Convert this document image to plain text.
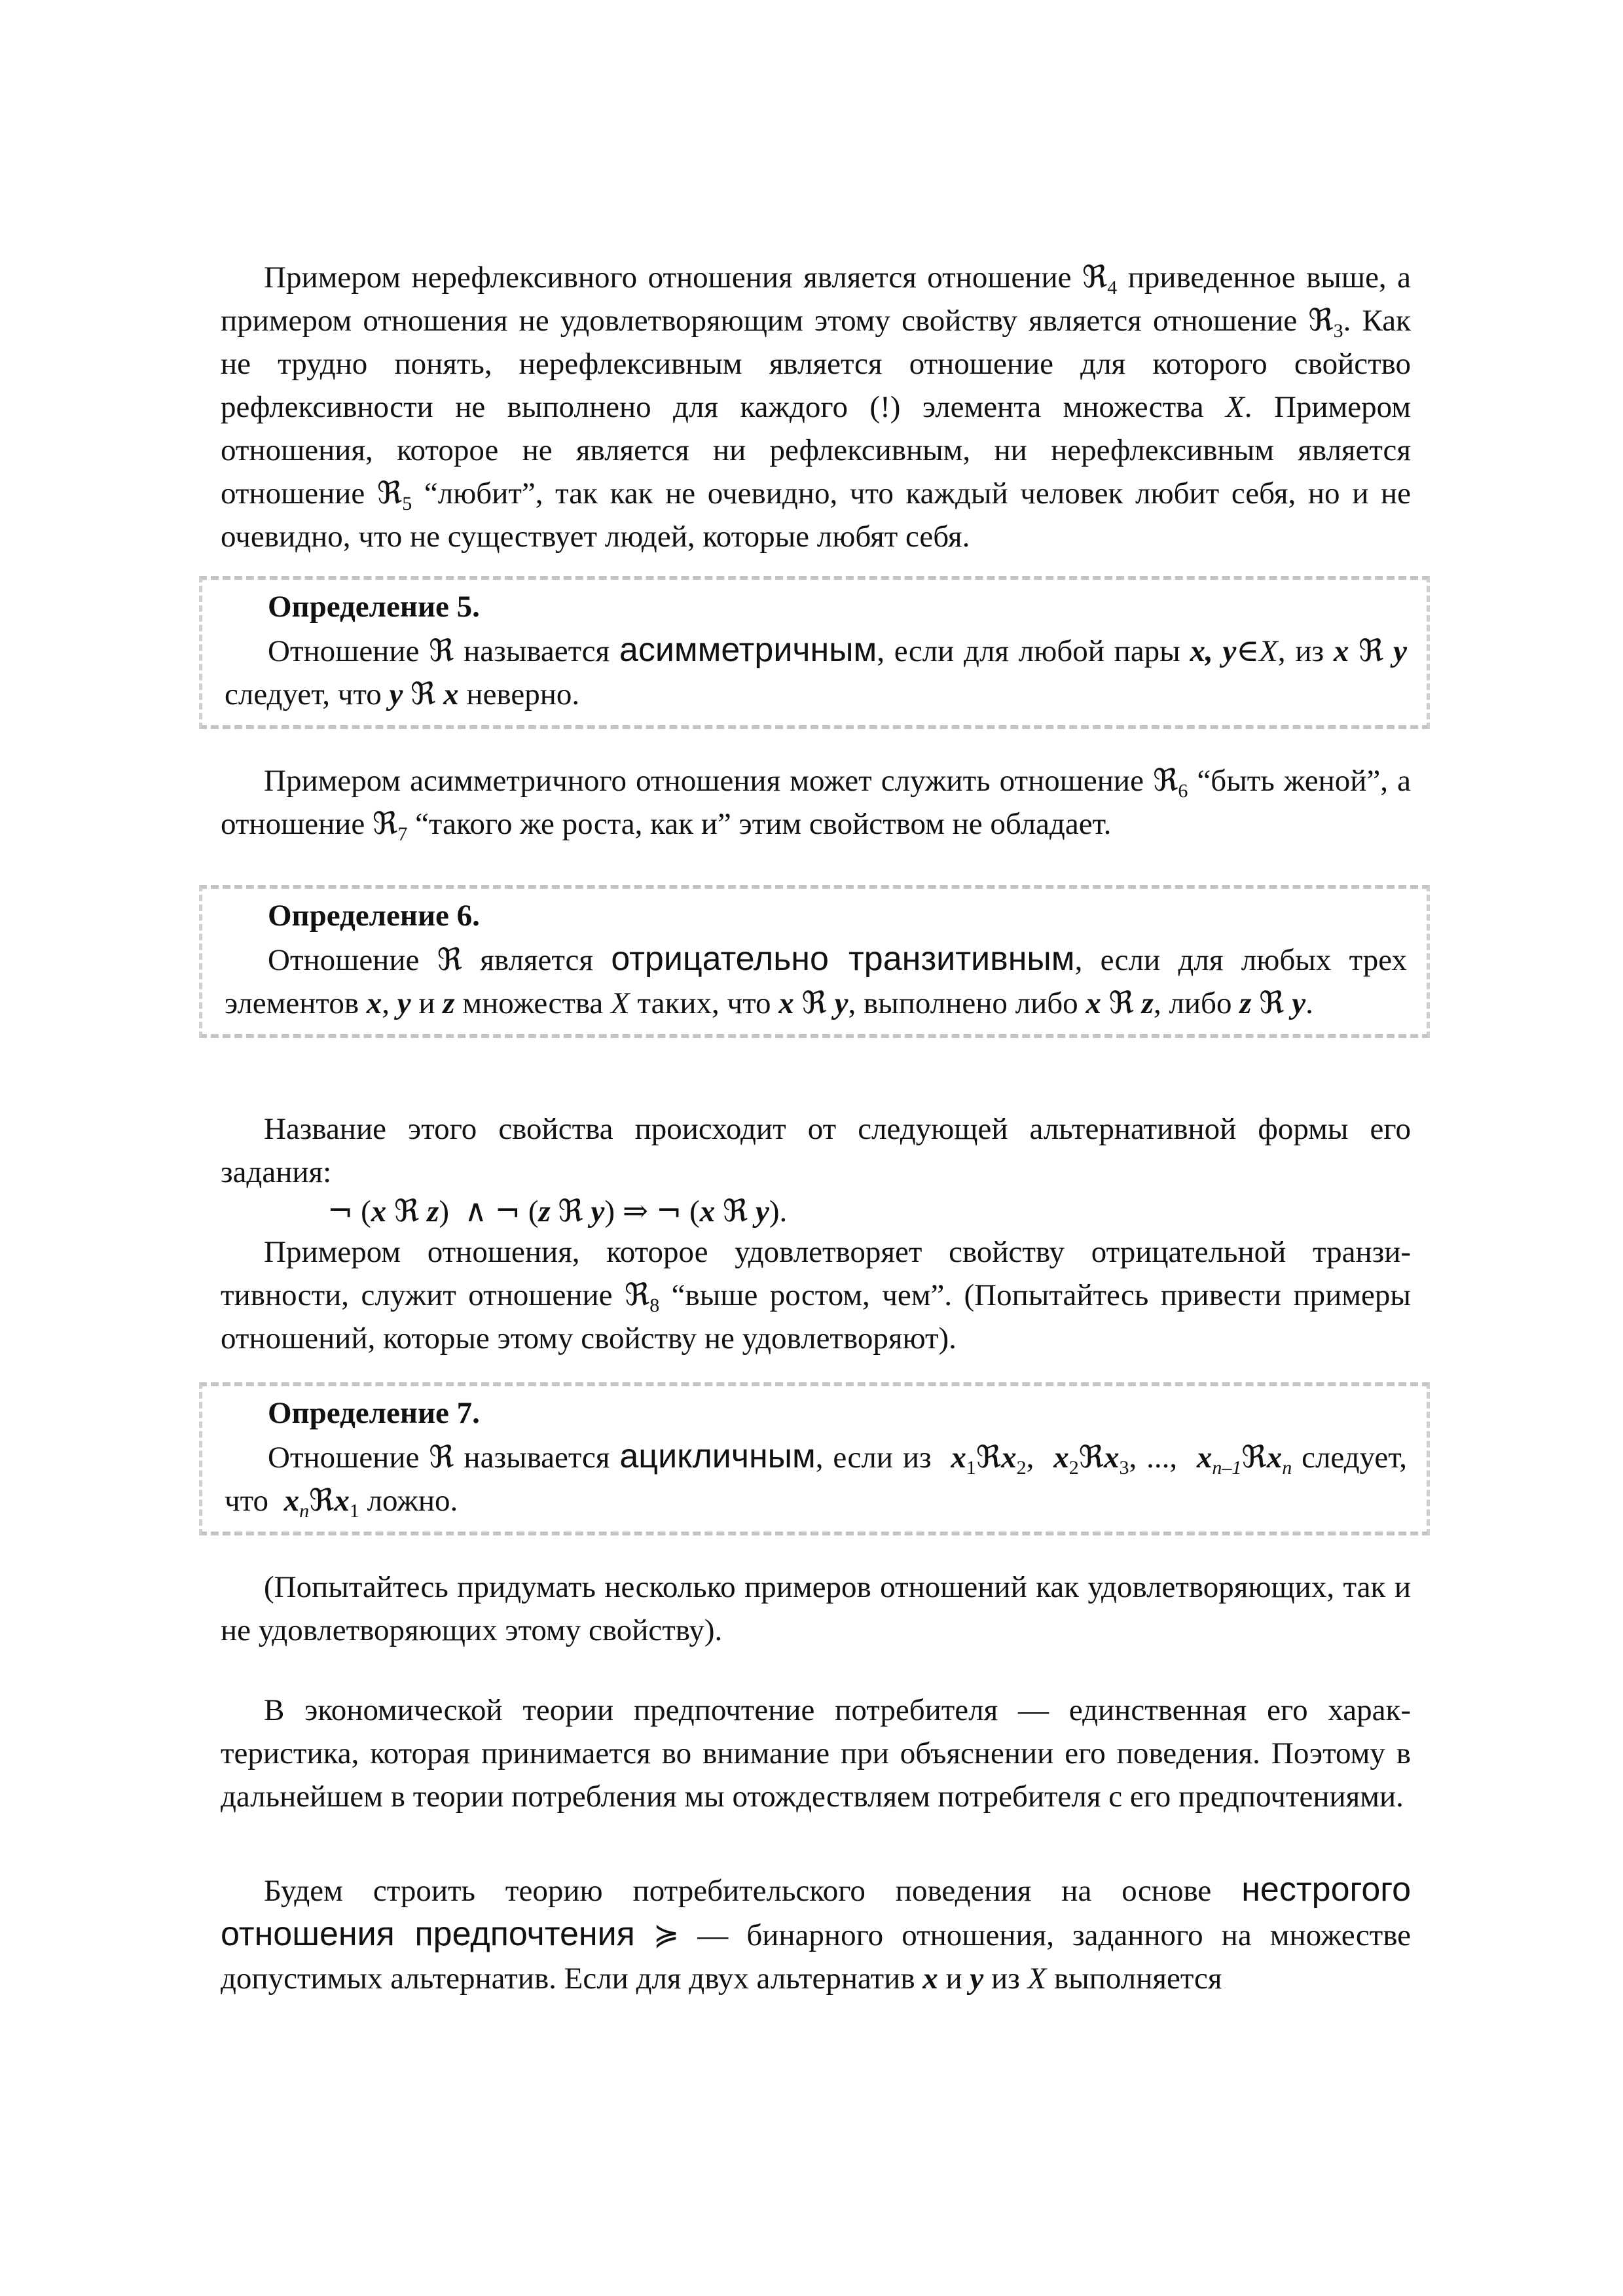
Примером нерефлексивного отношения является отношение ℜ$_4$ приведенное выше, а примером отношения не удовлетворяющим этому свойству является отношение ℜ$_3$. Как не трудно понять, нерефлексивным является отношение для которого свойство рефлексивности не выполнено для каждого (!) элемента множества X. Примером отношения, которое не является ни рефлексивным, ни нерефлексивным является отношение ℜ$_5$ “любит”, так как не очевидно, что каждый человек любит себя, но и не очевидно, что не существует людей, которые любят себя.

Определение 5.

Отношение ℜ называется асимметричным, если для любой пары x, y∈X, из x ℜ y следует, что y ℜ x неверно.

Примером асимметричного отношения может служить отношение ℜ$_6$ “быть женой”, а отношение ℜ$_7$ “такого же роста, как и” этим свойством не обладает.

Определение 6.

Отношение ℜ является отрицательно транзитивным, если для любых трех элементов x, y и z множества X таких, что x ℜ y, выполнено либо x ℜ z, либо z ℜ y.

Название этого свойства происходит от следующей альтернативной формы его задания:

¬ (x ℜ z) ∧ ¬ (z ℜ y) ⇒ ¬ (x ℜ y).

Примером отношения, которое удовлетворяет свойству отрицательной транзитивности, служит отношение ℜ$_8$ “выше ростом, чем”. (Попытайтесь привести примеры отношений, которые этому свойству не удовлетворяют).

Определение 7.

Отношение ℜ называется ацикличным, если из  $x_1ℜx_2$,  $x_2ℜx_3$, ...,  $x_{n-1}ℜx_n$ следует, что  $x_nℜx_1$ ложно.

(Попытайтесь придумать несколько примеров отношений как удовлетворяющих, так и не удовлетворяющих этому свойству).

В экономической теории предпочтение потребителя — единственная его характеристика, которая принимается во внимание при объяснении его поведения. Поэтому в дальнейшем в теории потребления мы отождествляем потребителя с его предпочтениями.

Будем строить теорию потребительского поведения на основе нестрогого отношения предпочтения ≽ — бинарного отношения, заданного на множестве допустимых альтернатив. Если для двух альтернатив x и y из X выполняется
